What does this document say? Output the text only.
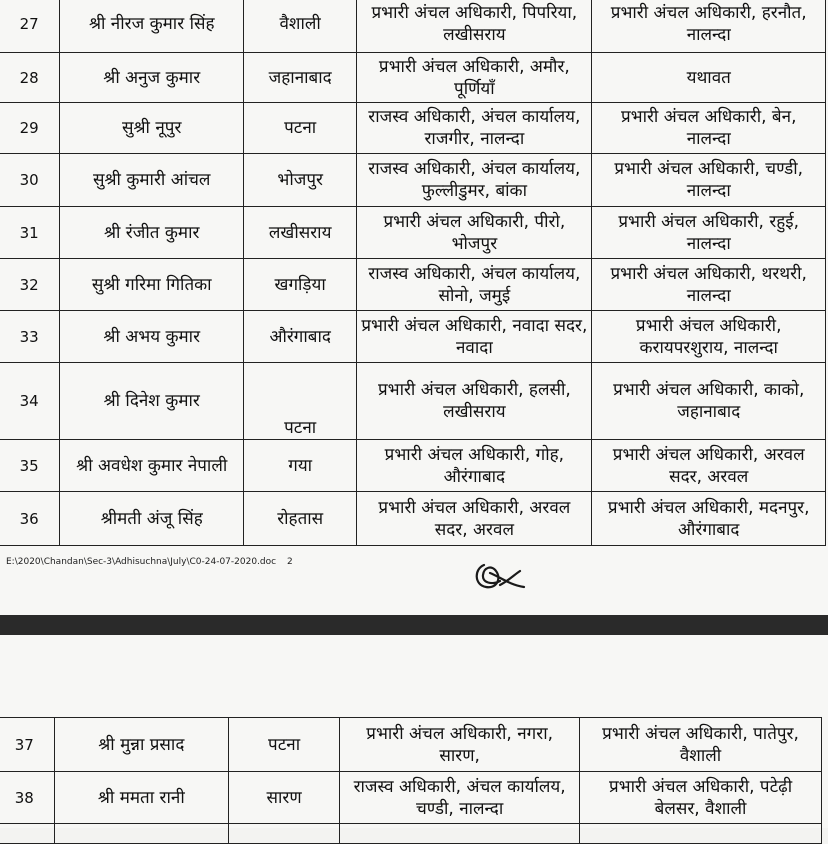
27	श्री नीरज कुमार सिंह	वैशाली	प्रभारी अंचल अधिकारी, पिपरिया, लखीसराय	प्रभारी अंचल अधिकारी, हरनौत, नालन्दा
28	श्री अनुज कुमार	जहानाबाद	प्रभारी अंचल अधिकारी, अमौर, पूर्णियाँ	यथावत
29	सुश्री नूपुर	पटना	राजस्व अधिकारी, अंचल कार्यालय, राजगीर, नालन्दा	प्रभारी अंचल अधिकारी, बेन, नालन्दा
30	सुश्री कुमारी आंचल	भोजपुर	राजस्व अधिकारी, अंचल कार्यालय, फुल्लीडुमर, बांका	प्रभारी अंचल अधिकारी, चण्डी, नालन्दा
31	श्री रंजीत कुमार	लखीसराय	प्रभारी अंचल अधिकारी, पीरो, भोजपुर	प्रभारी अंचल अधिकारी, रहुई, नालन्दा
32	सुश्री गरिमा गितिका	खगड़िया	राजस्व अधिकारी, अंचल कार्यालय, सोनो, जमुई	प्रभारी अंचल अधिकारी, थरथरी, नालन्दा
33	श्री अभय कुमार	औरंगाबाद	प्रभारी अंचल अधिकारी, नवादा सदर, नवादा	प्रभारी अंचल अधिकारी, करायपरशुराय, नालन्दा
34	श्री दिनेश कुमार	पटना	प्रभारी अंचल अधिकारी, हलसी, लखीसराय	प्रभारी अंचल अधिकारी, काको, जहानाबाद
35	श्री अवधेश कुमार नेपाली	गया	प्रभारी अंचल अधिकारी, गोह, औरंगाबाद	प्रभारी अंचल अधिकारी, अरवल सदर, अरवल
36	श्रीमती अंजू सिंह	रोहतास	प्रभारी अंचल अधिकारी, अरवल सदर, अरवल	प्रभारी अंचल अधिकारी, मदनपुर, औरंगाबाद
E:\2020\Chandan\Sec-3\Adhisuchna\July\C0-24-07-2020.doc 2
37	श्री मुन्ना प्रसाद	पटना	प्रभारी अंचल अधिकारी, नगरा, सारण,	प्रभारी अंचल अधिकारी, पातेपुर, वैशाली
38	श्री ममता रानी	सारण	राजस्व अधिकारी, अंचल कार्यालय, चण्डी, नालन्दा	प्रभारी अंचल अधिकारी, पटेढ़ी बेलसर, वैशाली
